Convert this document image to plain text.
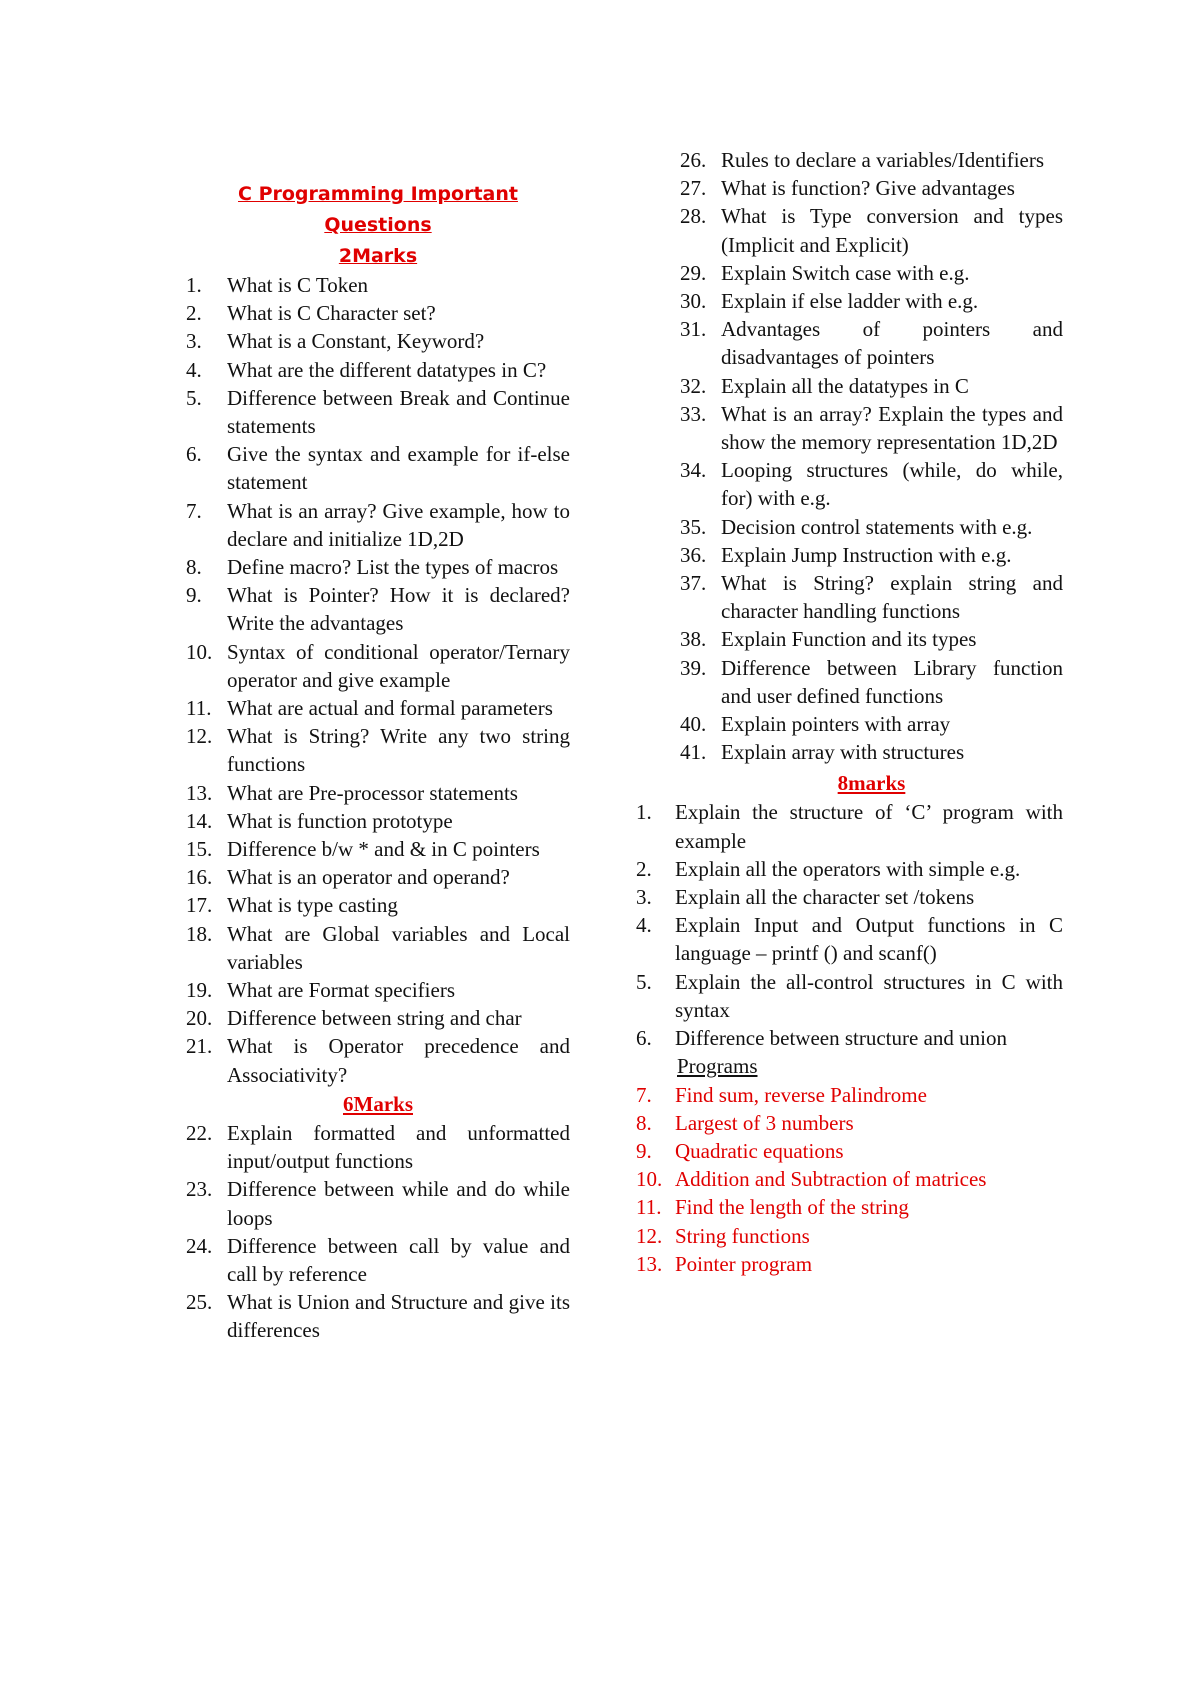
C Programming Important Questions
2Marks
1.	What is C Token
2.	What is C Character set?
3.	What is a Constant, Keyword?
4.	What are the different datatypes in C?
5.	Difference between Break and Continue statements
6.	Give the syntax and example for if-else statement
7.	What is an array? Give example, how to declare and initialize 1D,2D
8.	Define macro? List the types of macros
9.	What is Pointer? How it is declared? Write the advantages
10. Syntax of conditional operator/Ternary operator and give example
11. What are actual and formal parameters
12. What is String? Write any two string functions
13. What are Pre-processor statements
14. What is function prototype
15. Difference b/w * and & in C pointers
16. What is an operator and operand?
17. What is type casting
18. What are Global variables and Local variables
19. What are Format specifiers
20. Difference between string and char
21. What is Operator precedence and Associativity?
6Marks
22. Explain formatted and unformatted input/output functions
23. Difference between while and do while loops
24. Difference between call by value and call by reference
25. What is Union and Structure and give its differences
26. Rules to declare a variables/Identifiers
27. What is function? Give advantages
28. What is Type conversion and types (Implicit and Explicit)
29. Explain Switch case with e.g.
30. Explain if else ladder with e.g.
31. Advantages of pointers and disadvantages of pointers
32. Explain all the datatypes in C
33. What is an array? Explain the types and show the memory representation 1D,2D
34. Looping structures (while, do while, for) with e.g.
35. Decision control statements with e.g.
36. Explain Jump Instruction with e.g.
37. What is String? explain string and character handling functions
38. Explain Function and its types
39. Difference between Library function and user defined functions
40. Explain pointers with array
41. Explain array with structures
8marks
1.	Explain the structure of ‘C’ program with example
2.	Explain all the operators with simple e.g.
3.	Explain all the character set /tokens
4.	Explain Input and Output functions in C language – printf () and scanf()
5.	Explain the all-control structures in C with syntax
6.	Difference between structure and union
Programs
7.	Find sum, reverse Palindrome
8.	Largest of 3 numbers
9.	Quadratic equations
10. Addition and Subtraction of matrices
11. Find the length of the string
12. String functions
13. Pointer program
